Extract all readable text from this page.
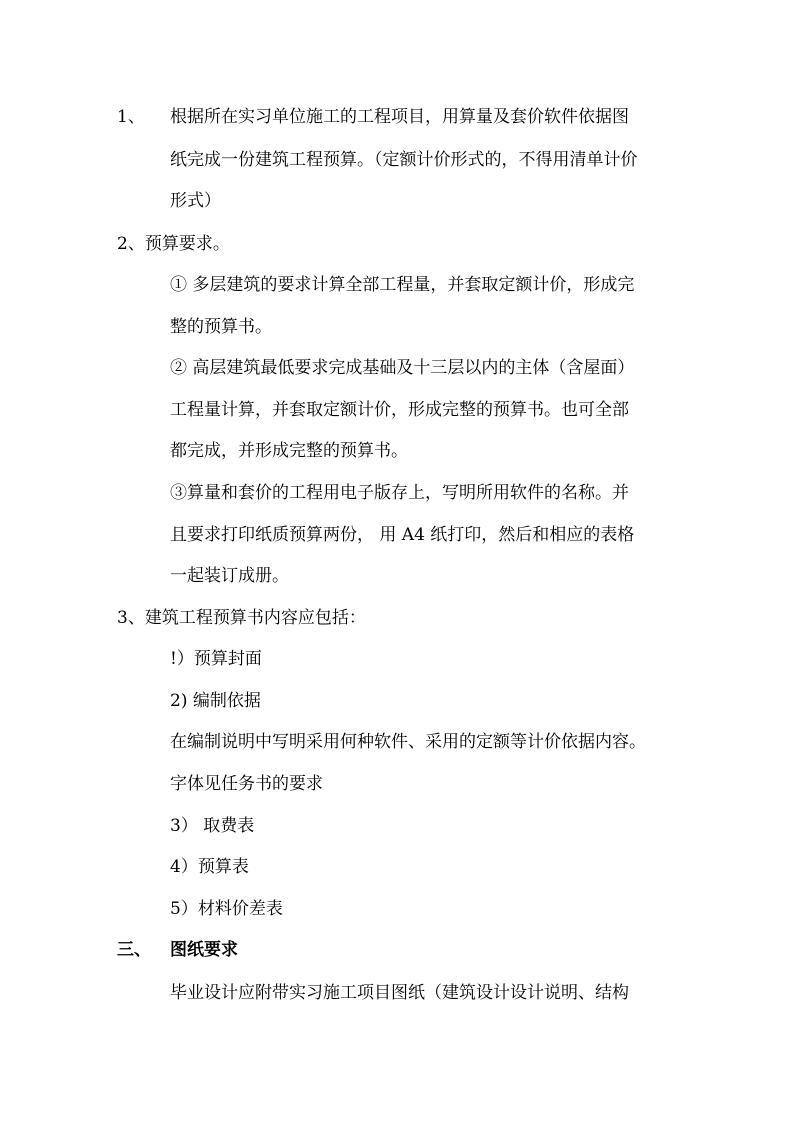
1、 根据所在实习单位施工的工程项目，用算量及套价软件依据图
纸完成一份建筑工程预算。（定额计价形式的，不得用清单计价
形式）
2、预算要求。
① 多层建筑的要求计算全部工程量，并套取定额计价，形成完
整的预算书。
② 高层建筑最低要求完成基础及十三层以内的主体（含屋面）
工程量计算，并套取定额计价，形成完整的预算书。也可全部
都完成，并形成完整的预算书。
③算量和套价的工程用电子版存上，写明所用软件的名称。并
且要求打印纸质预算两份， 用 A4 纸打印，然后和相应的表格
一起装订成册。
3、建筑工程预算书内容应包括：
!）预算封面
2) 编制依据
在编制说明中写明采用何种软件、采用的定额等计价依据内容。
字体见任务书的要求
3） 取费表
4）预算表
5）材料价差表
三、 图纸要求
毕业设计应附带实习施工项目图纸（建筑设计设计说明、结构
